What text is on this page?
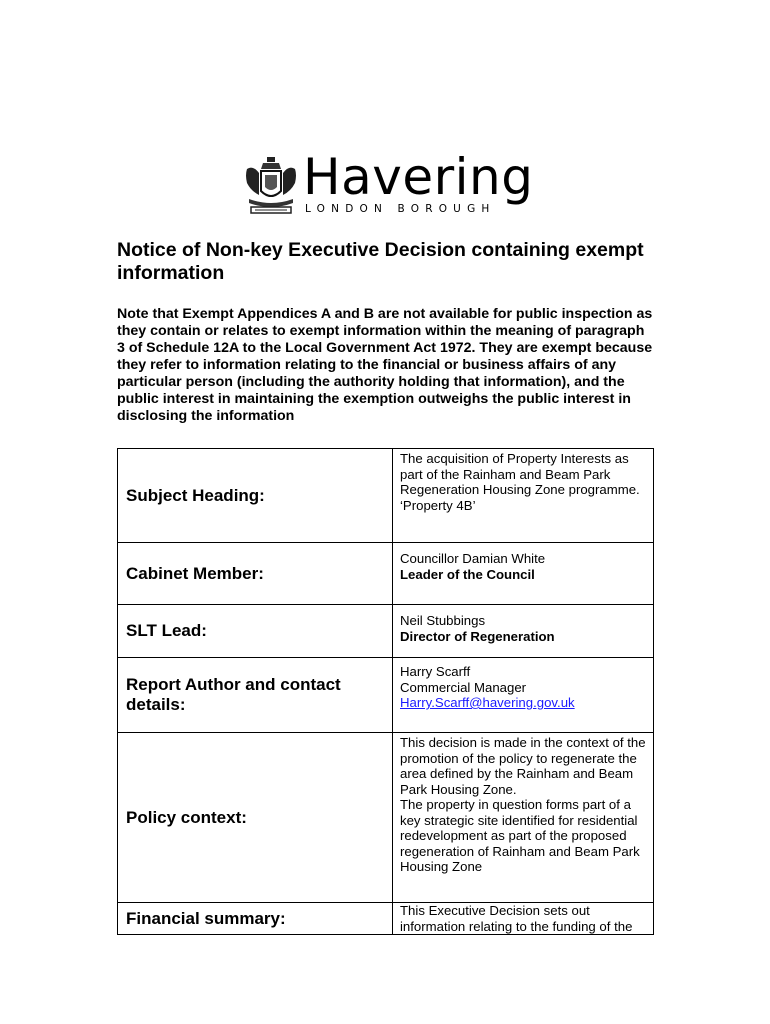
Havering
LONDON BOROUGH
Notice of Non-key Executive Decision containing exempt information

Note that Exempt Appendices A and B are not available for public inspection as they contain or relates to exempt information within the meaning of paragraph 3 of Schedule 12A to the Local Government Act 1972. They are exempt because they refer to information relating to the financial or business affairs of any particular person (including the authority holding that information), and the public interest in maintaining the exemption outweighs the public interest in disclosing the information

Subject Heading:	The acquisition of Property Interests as part of the Rainham and Beam Park Regeneration Housing Zone programme. ‘Property 4B’

Cabinet Member:	Councillor Damian White

Leader of the Council

SLT Lead:	Neil Stubbings

Director of Regeneration

Report Author and contact details:	Harry Scarff

Commercial Manager

Harry.Scarff@havering.gov.uk

Policy context:	This decision is made in the context of the promotion of the policy to regenerate the area defined by the Rainham and Beam Park Housing Zone.

The property in question forms part of a key strategic site identified for residential redevelopment as part of the proposed regeneration of Rainham and Beam Park Housing Zone

Financial summary:	This Executive Decision sets out information relating to the funding of the
